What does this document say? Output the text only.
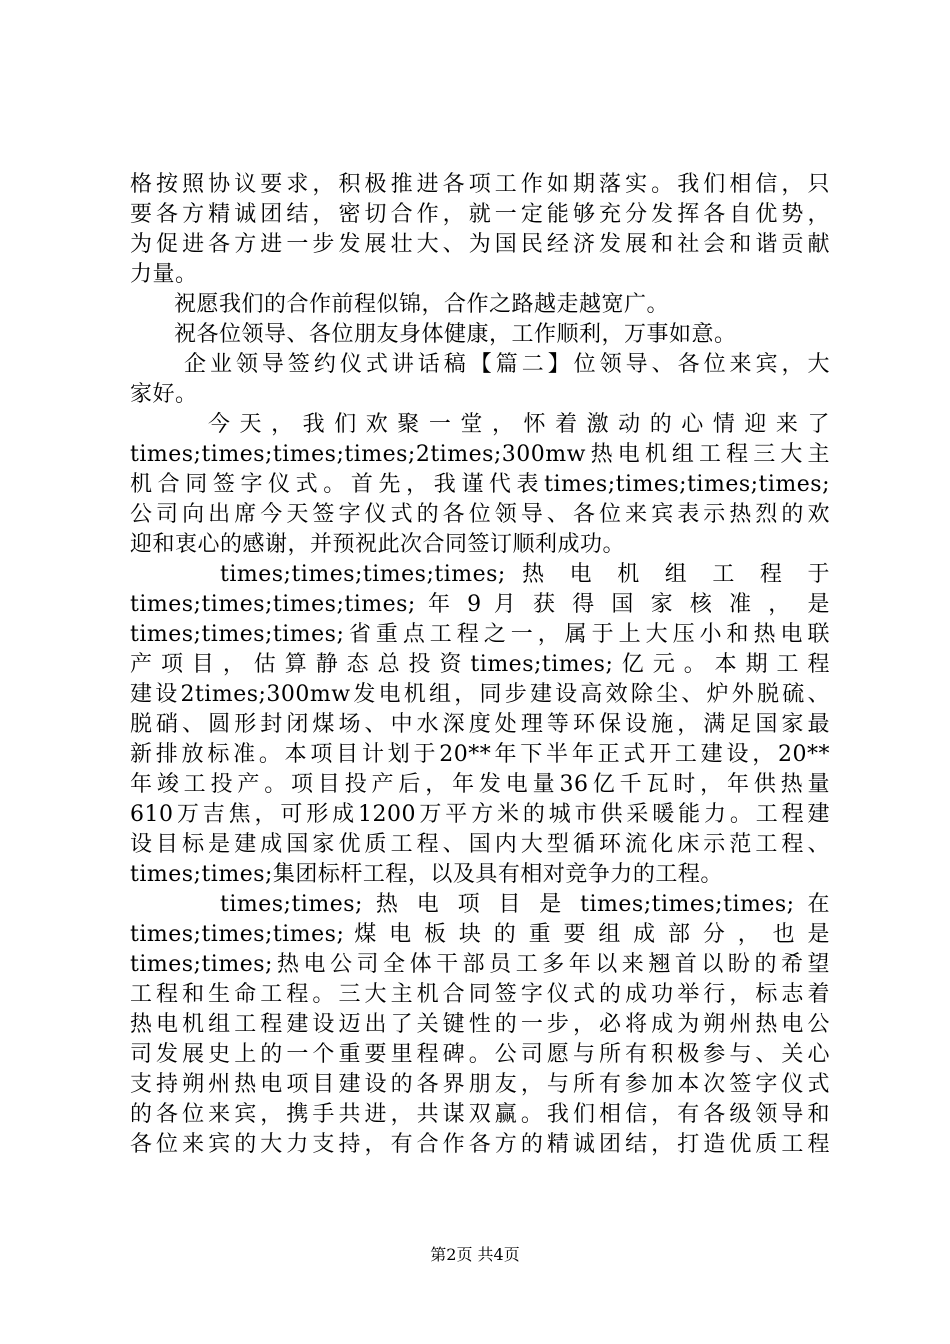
格按照协议要求，积极推进各项工作如期落实。我们相信，只
要各方精诚团结，密切合作，就一定能够充分发挥各自优势，
为促进各方进一步发展壮大、为国民经济发展和社会和谐贡献
力量。
祝愿我们的合作前程似锦，合作之路越走越宽广。
祝各位领导、各位朋友身体健康，工作顺利，万事如意。
企业领导签约仪式讲话稿【篇二】位领导、各位来宾，大
家好。
今天，我们欢聚一堂，怀着激动的心情迎来了
times;times;times;times;2times;300mw热电机组工程三大主
机合同签字仪式。首先，我谨代表times;times;times;times;
公司向出席今天签字仪式的各位领导、各位来宾表示热烈的欢
迎和衷心的感谢，并预祝此次合同签订顺利成功。
times;times;times;times; 热 电 机 组 工 程 于
times;times;times;times; 年 9 月 获 得 国 家 核 准 ， 是
times;times;times;省重点工程之一，属于上大压小和热电联
产项目，估算静态总投资times;times;亿元。本期工程
建设2times;300mw发电机组，同步建设高效除尘、炉外脱硫、
脱硝、圆形封闭煤场、中水深度处理等环保设施，满足国家最
新排放标准。本项目计划于20**年下半年正式开工建设，20**
年竣工投产。项目投产后，年发电量36亿千瓦时，年供热量
610万吉焦，可形成1200万平方米的城市供采暖能力。工程建
设目标是建成国家优质工程、国内大型循环流化床示范工程、
times;times;集团标杆工程，以及具有相对竞争力的工程。
times;times; 热 电 项 目 是 times;times;times; 在
times;times;times; 煤 电 板 块 的 重 要 组 成 部 分 ， 也 是
times;times;热电公司全体干部员工多年以来翘首以盼的希望
工程和生命工程。三大主机合同签字仪式的成功举行，标志着
热电机组工程建设迈出了关键性的一步，必将成为朔州热电公
司发展史上的一个重要里程碑。公司愿与所有积极参与、关心
支持朔州热电项目建设的各界朋友，与所有参加本次签字仪式
的各位来宾，携手共进，共谋双赢。我们相信，有各级领导和
各位来宾的大力支持，有合作各方的精诚团结，打造优质工程
第2页 共4页
